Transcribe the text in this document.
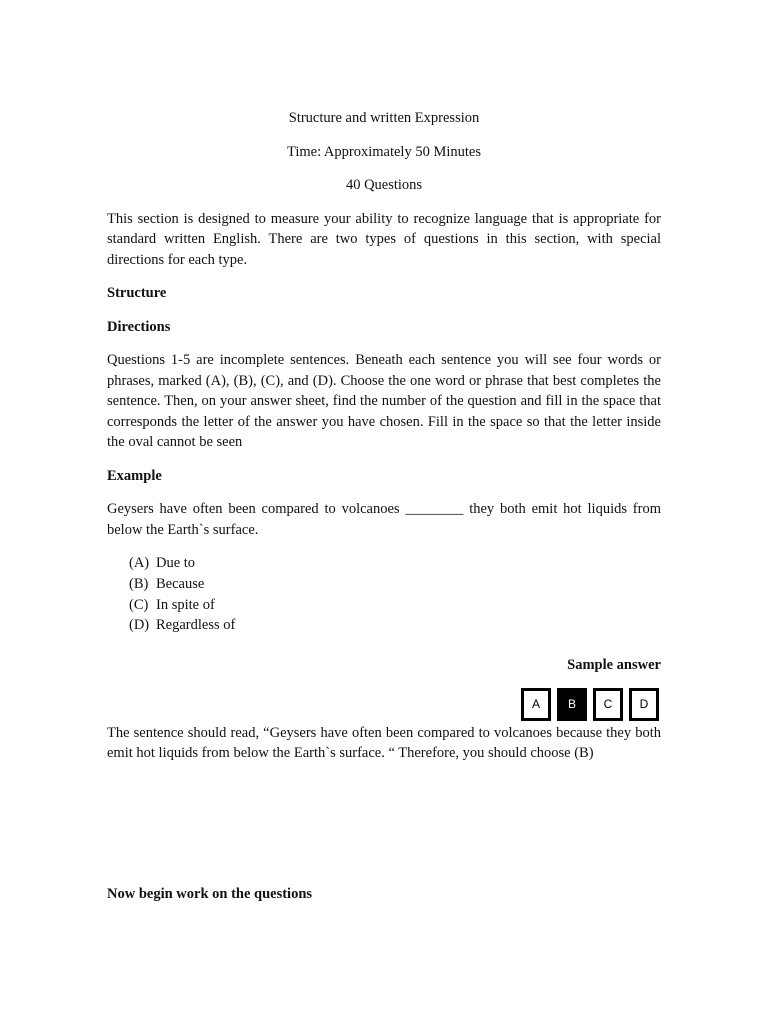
Structure and written Expression

Time: Approximately 50 Minutes

40 Questions

This section is designed to measure your ability to recognize language that is appropriate for standard written English. There are two types of questions in this section, with special directions for each type.

Structure

Directions

Questions 1-5 are incomplete sentences. Beneath each sentence you will see four words or phrases, marked (A), (B), (C), and (D). Choose the one word or phrase that best completes the sentence. Then, on your answer sheet, find the number of the question and fill in the space that corresponds the letter of the answer you have chosen. Fill in the space so that the letter inside the oval cannot be seen

Example

Geysers have often been compared to volcanoes ________ they both emit hot liquids from below the Earth`s surface.

(A) Due to
(B) Because
(C) In spite of
(D) Regardless of

Sample answer

A	B	C	D

The sentence should read, “Geysers have often been compared to volcanoes because they both emit hot liquids from below the Earth`s surface. “ Therefore, you should choose (B)

Now begin work on the questions
